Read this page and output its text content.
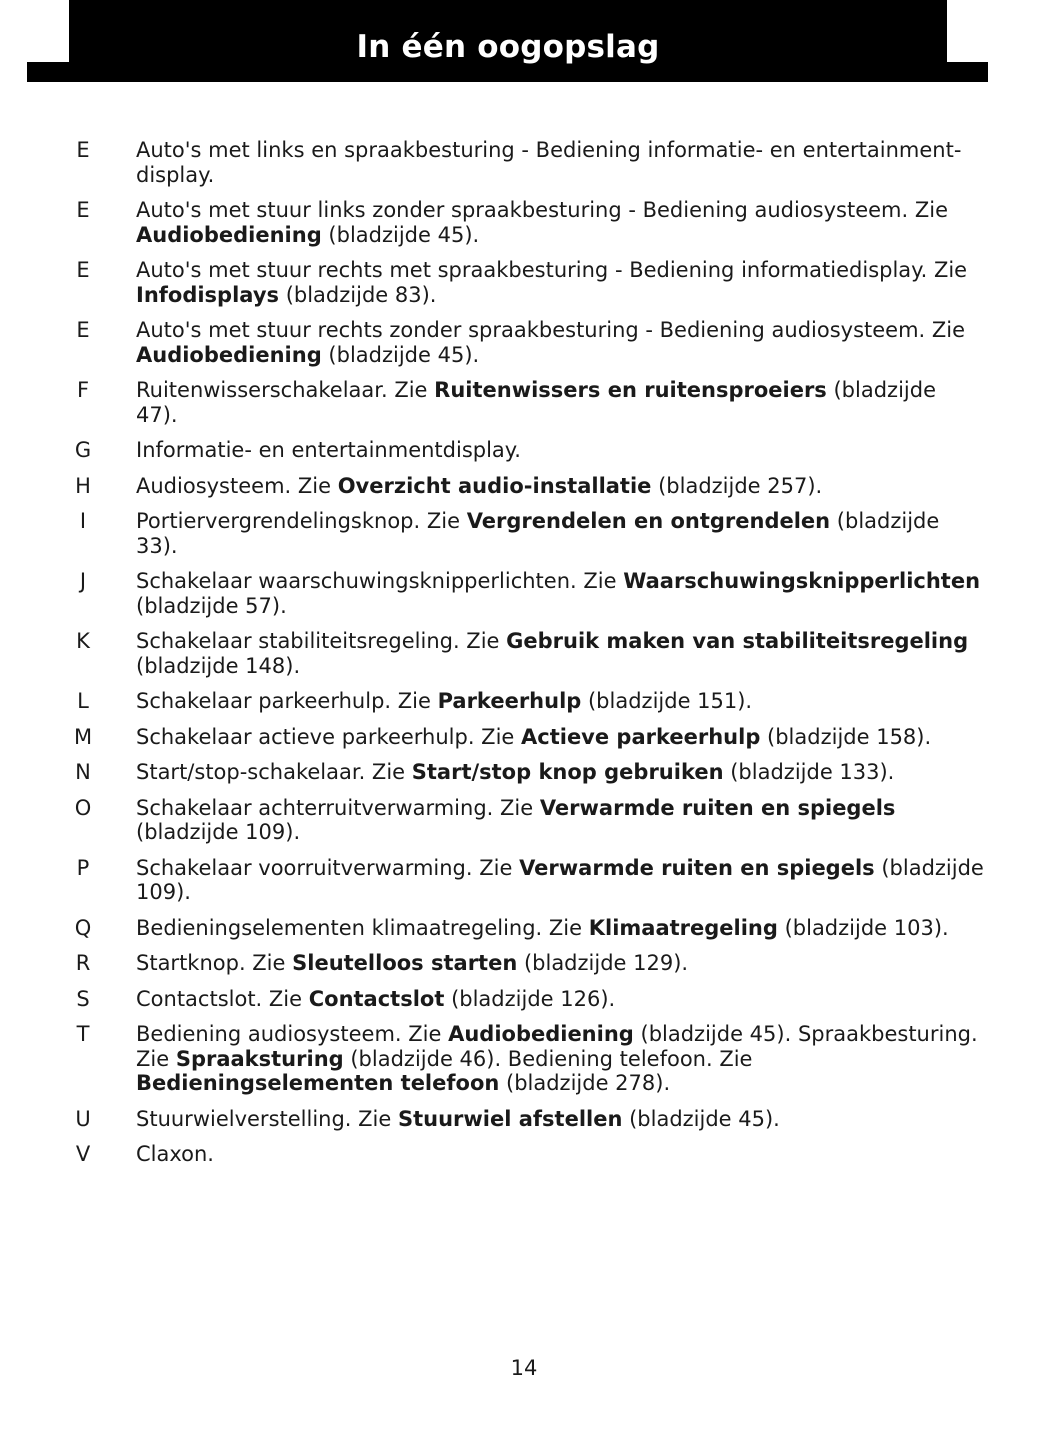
In één oogopslag
E Auto's met links en spraakbesturing - Bediening informatie- en entertainment-display.
E Auto's met stuur links zonder spraakbesturing - Bediening audiosysteem. Zie Audiobediening (bladzijde 45).
E Auto's met stuur rechts met spraakbesturing - Bediening informatiedisplay. Zie Infodisplays (bladzijde 83).
E Auto's met stuur rechts zonder spraakbesturing - Bediening audiosysteem. Zie Audiobediening (bladzijde 45).
F Ruitenwisserschakelaar. Zie Ruitenwissers en ruitensproeiers (bladzijde 47).
G Informatie- en entertainmentdisplay.
H Audiosysteem. Zie Overzicht audio-installatie (bladzijde 257).
I	Portiervergrendelingsknop. Zie Vergrendelen en ontgrendelen (bladzijde 33).
J	Schakelaar waarschuwingsknipperlichten. Zie Waarschuwingsknipperlichten (bladzijde 57).
K Schakelaar stabiliteitsregeling. Zie Gebruik maken van stabiliteitsregeling (bladzijde 148).
L Schakelaar parkeerhulp. Zie Parkeerhulp (bladzijde 151).
M Schakelaar actieve parkeerhulp. Zie Actieve parkeerhulp (bladzijde 158).
N Start/stop-schakelaar. Zie Start/stop knop gebruiken (bladzijde 133).
O Schakelaar achterruitverwarming. Zie Verwarmde ruiten en spiegels (bladzijde 109).
P Schakelaar voorruitverwarming. Zie Verwarmde ruiten en spiegels (bladzijde 109).
Q Bedieningselementen klimaatregeling. Zie Klimaatregeling (bladzijde 103).
R Startknop. Zie Sleutelloos starten (bladzijde 129).
S Contactslot. Zie Contactslot (bladzijde 126).
T Bediening audiosysteem. Zie Audiobediening (bladzijde 45). Spraakbesturing. Zie Spraaksturing (bladzijde 46). Bediening telefoon. Zie Bedieningselementen telefoon (bladzijde 278).
U Stuurwielverstelling. Zie Stuurwiel afstellen (bladzijde 45).
V Claxon.
14
